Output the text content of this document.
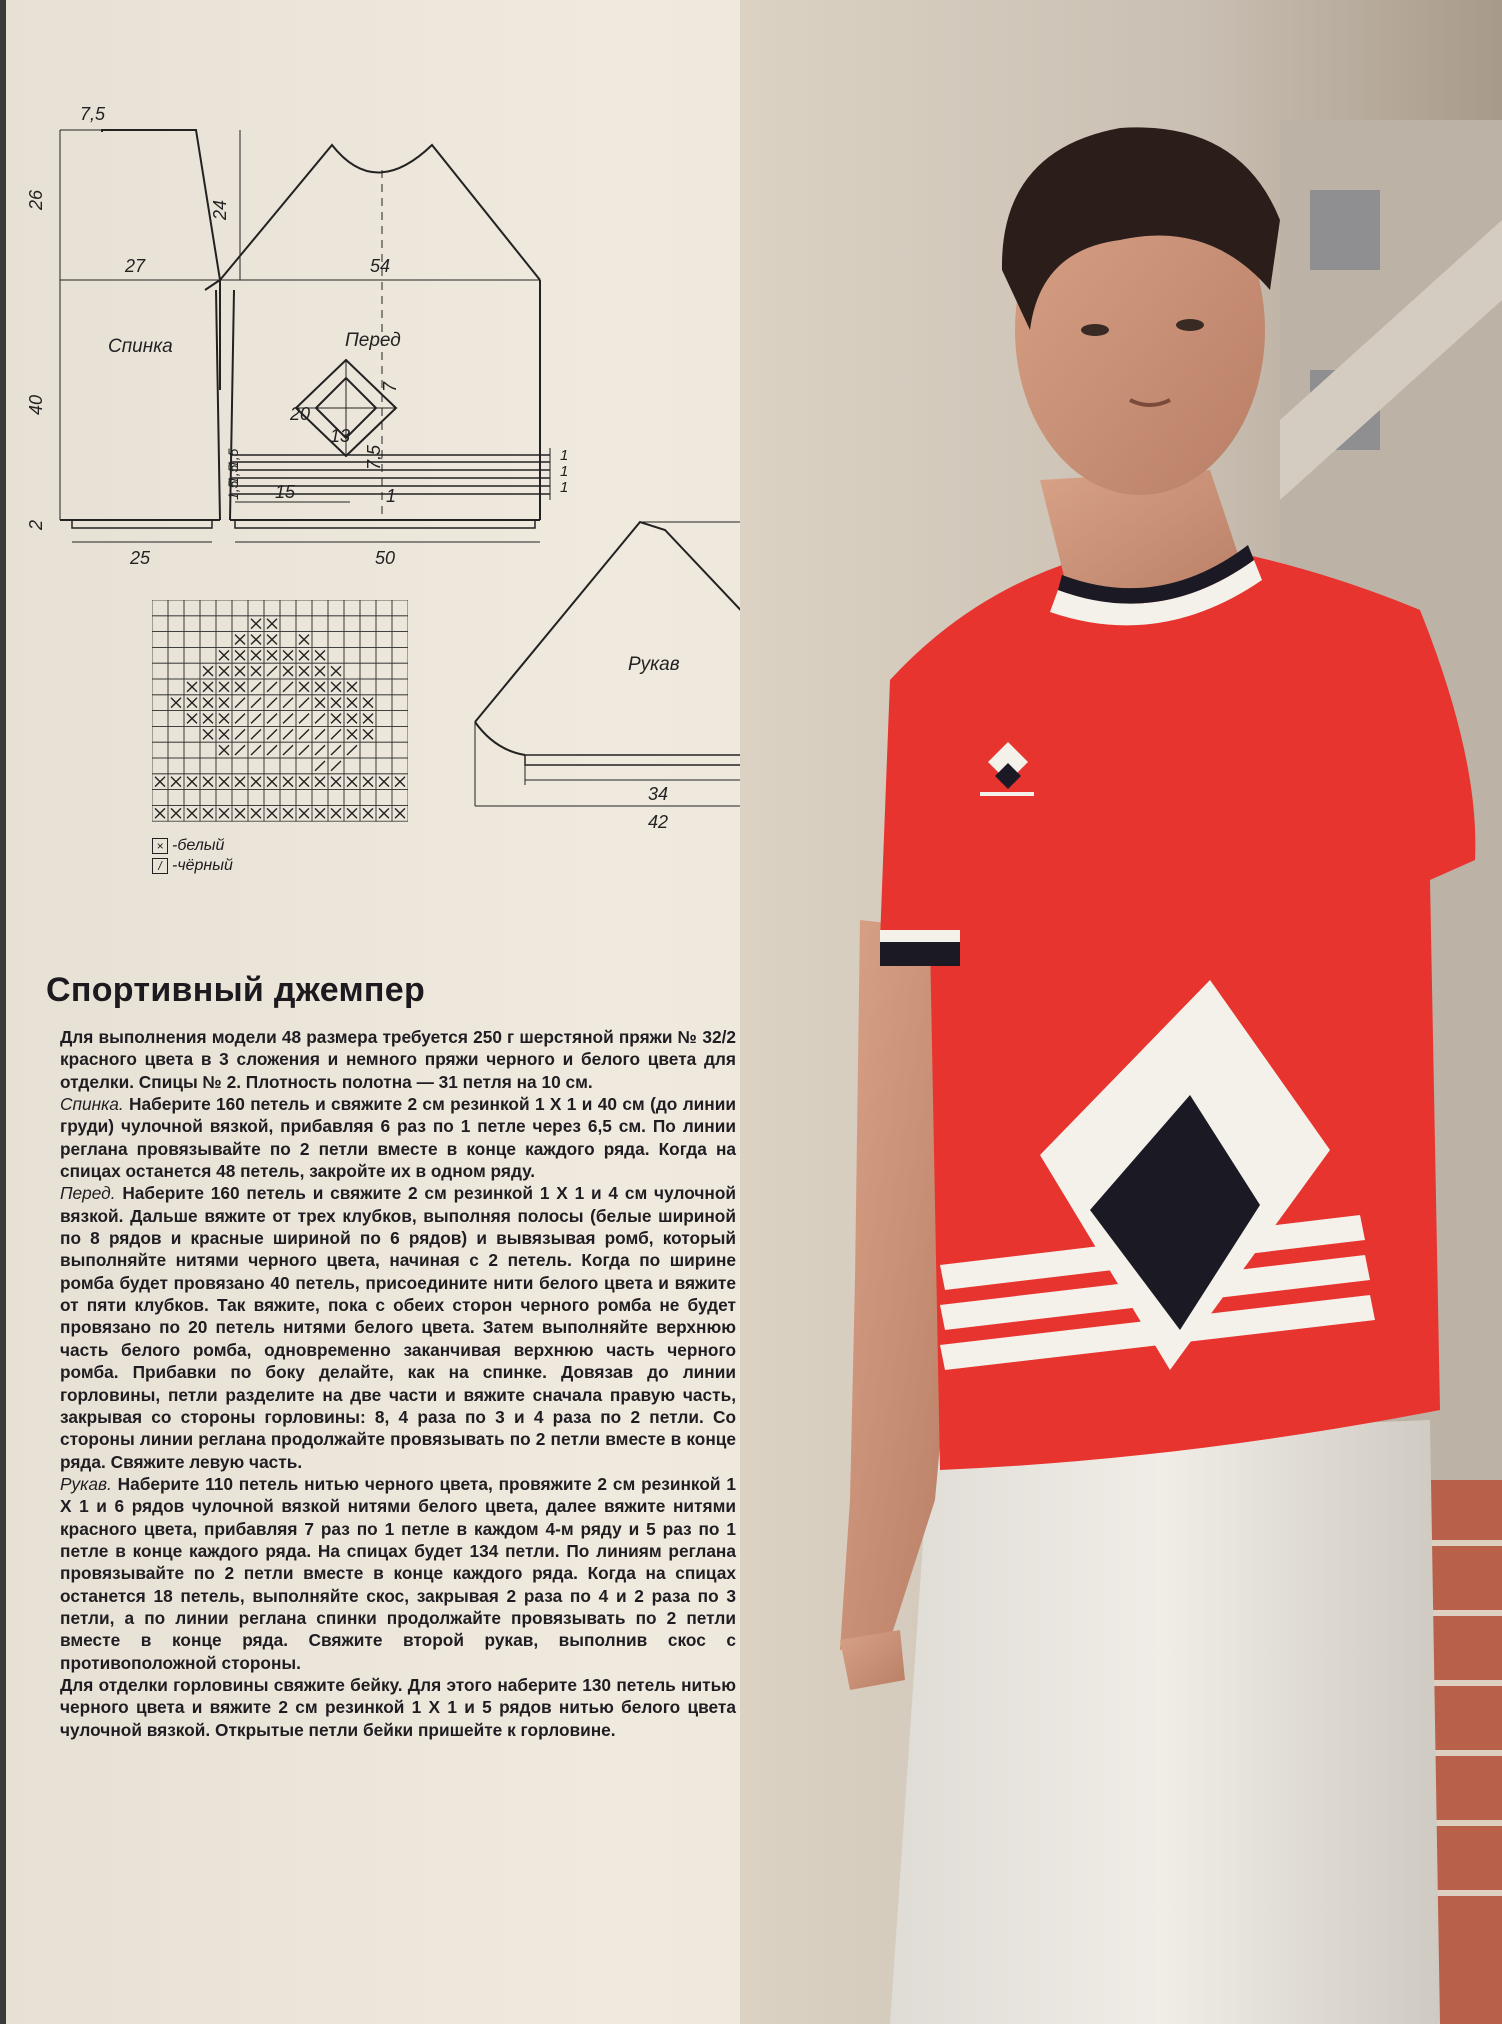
7,5
26	24
27	54
40
7
20
13
7,5
1,5
1,5
1,5
1
1
1
15	1
2
25	50
34
42
Спинка	Перед
Рукав
× -белый
/ -чёрный
Спортивный джемпер

Для выполнения модели 48 размера требуется 250 г шерстяной пряжи № 32/2 красного цвета в 3 сложения и немного пряжи черного и белого цвета для отделки. Спицы № 2. Плотность полотна — 31 петля на 10 см.

Спинка. Наберите 160 петель и свяжите 2 см резинкой 1 Х 1 и 40 см (до линии груди) чулочной вязкой, прибавляя 6 раз по 1 петле через 6,5 см. По линии реглана провязывайте по 2 петли вместе в конце каждого ряда. Когда на спицах останется 48 петель, закройте их в одном ряду.

Перед. Наберите 160 петель и свяжите 2 см резинкой 1 Х 1 и 4 см чулочной вязкой. Дальше вяжите от трех клубков, выполняя полосы (белые шириной по 8 рядов и красные шириной по 6 рядов) и вывязывая ромб, который выполняйте нитями черного цвета, начиная с 2 петель. Когда по ширине ромба будет провязано 40 петель, присоедините нити белого цвета и вяжите от пяти клубков. Так вяжите, пока с обеих сторон черного ромба не будет провязано по 20 петель нитями белого цвета. Затем выполняйте верхнюю часть белого ромба, одновременно заканчивая верхнюю часть черного ромба. Прибавки по боку делайте, как на спинке. Довязав до линии горловины, петли разделите на две части и вяжите сначала правую часть, закрывая со стороны горловины: 8, 4 раза по 3 и 4 раза по 2 петли. Со стороны линии реглана продолжайте провязывать по 2 петли вместе в конце ряда. Свяжите левую часть.

Рукав. Наберите 110 петель нитью черного цвета, провяжите 2 см резинкой 1 Х 1 и 6 рядов чулочной вязкой нитями белого цвета, далее вяжите нитями красного цвета, прибавляя 7 раз по 1 петле в каждом 4-м ряду и 5 раз по 1 петле в конце каждого ряда. На спицах будет 134 петли. По линиям реглана провязывайте по 2 петли вместе в конце каждого ряда. Когда на спицах останется 18 петель, выполняйте скос, закрывая 2 раза по 4 и 2 раза по 3 петли, а по линии реглана спинки продолжайте провязывать по 2 петли вместе в конце ряда. Свяжите второй рукав, выполнив скос с противоположной стороны.

Для отделки горловины свяжите бейку. Для этого наберите 130 петель нитью черного цвета и вяжите 2 см резинкой 1 Х 1 и 5 рядов нитью белого цвета чулочной вязкой. Открытые петли бейки пришейте к горловине.
